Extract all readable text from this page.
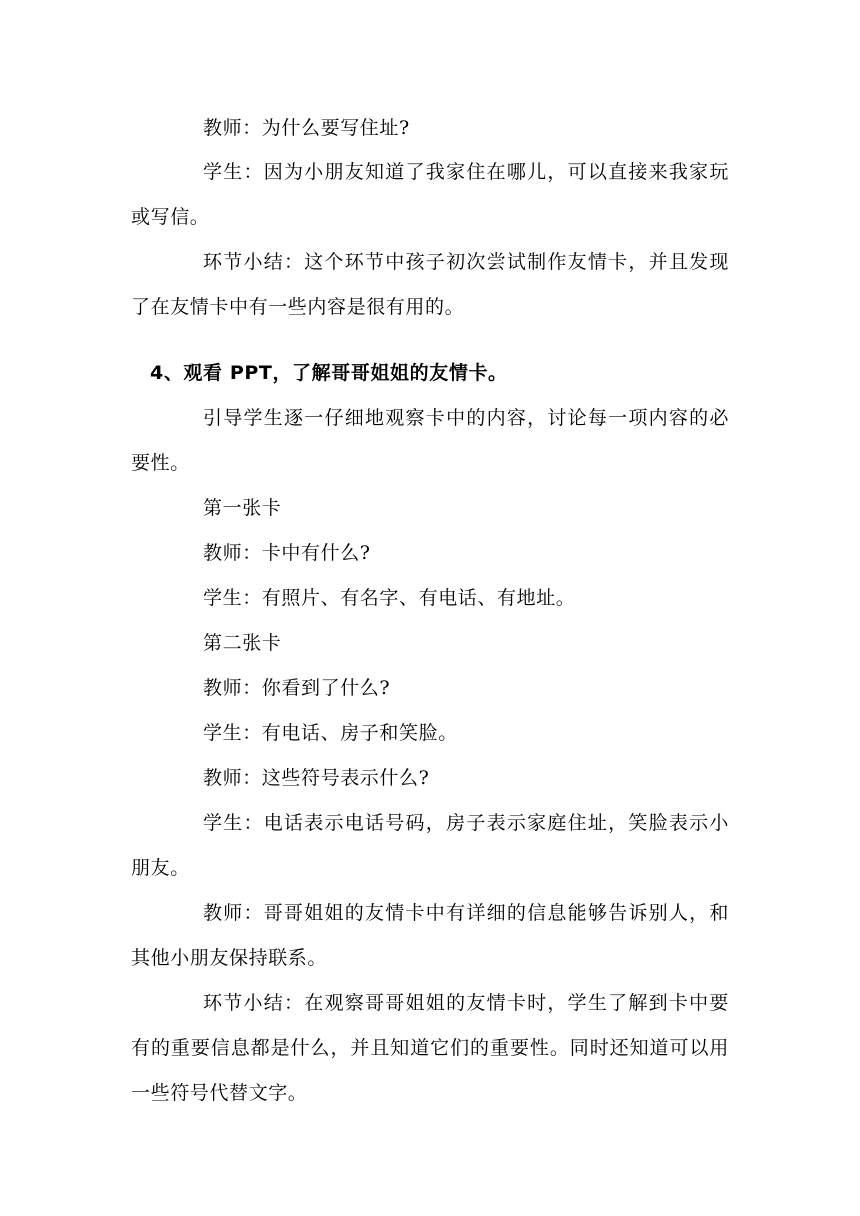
教师：为什么要写住址?
学生：因为小朋友知道了我家住在哪儿，可以直接来我家玩
或写信。
环节小结：这个环节中孩子初次尝试制作友情卡，并且发现
了在友情卡中有一些内容是很有用的。
4、观看 PPT，了解哥哥姐姐的友情卡。
引导学生逐一仔细地观察卡中的内容，讨论每一项内容的必
要性。
第一张卡
教师：卡中有什么?
学生：有照片、有名字、有电话、有地址。
第二张卡
教师：你看到了什么?
学生：有电话、房子和笑脸。
教师：这些符号表示什么?
学生：电话表示电话号码，房子表示家庭住址，笑脸表示小
朋友。
教师：哥哥姐姐的友情卡中有详细的信息能够告诉别人，和
其他小朋友保持联系。
环节小结：在观察哥哥姐姐的友情卡时，学生了解到卡中要
有的重要信息都是什么，并且知道它们的重要性。同时还知道可以用
一些符号代替文字。
